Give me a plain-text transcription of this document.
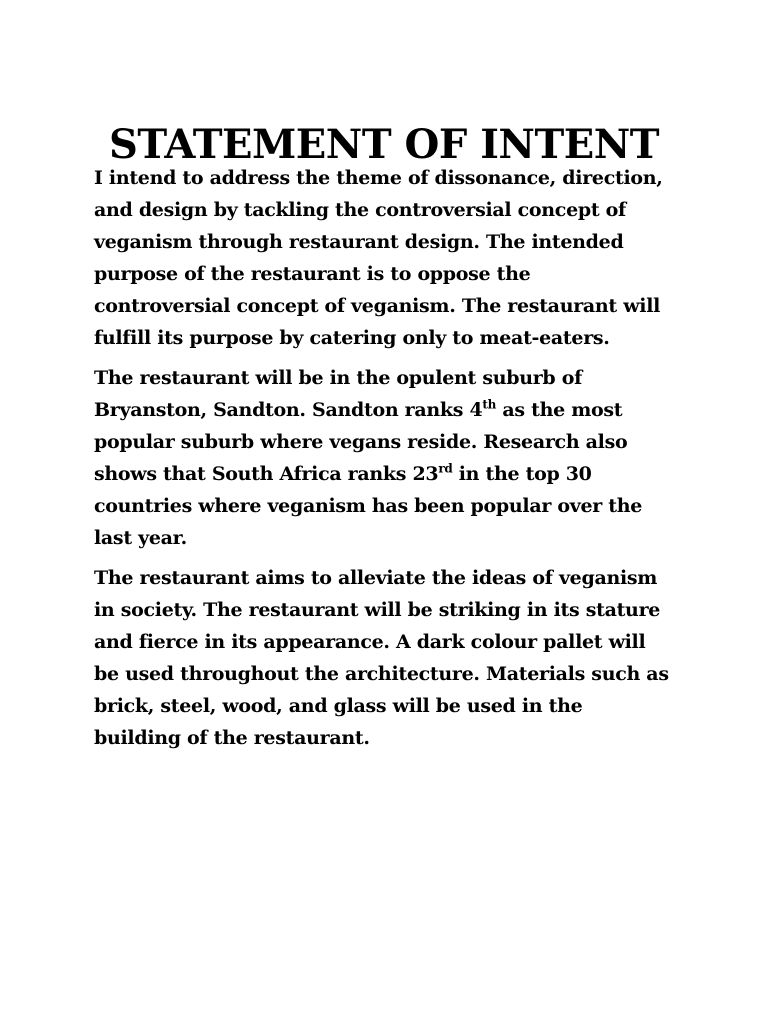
STATEMENT OF INTENT

I intend to address the theme of dissonance, direction,
and design by tackling the controversial concept of
veganism through restaurant design. The intended
purpose of the restaurant is to oppose the
controversial concept of veganism. The restaurant will
fulfill its purpose by catering only to meat-eaters.

The restaurant will be in the opulent suburb of
Bryanston, Sandton. Sandton ranks 4th as the most
popular suburb where vegans reside. Research also
shows that South Africa ranks 23rd in the top 30
countries where veganism has been popular over the
last year.

The restaurant aims to alleviate the ideas of veganism
in society. The restaurant will be striking in its stature
and fierce in its appearance. A dark colour pallet will
be used throughout the architecture. Materials such as
brick, steel, wood, and glass will be used in the
building of the restaurant.
